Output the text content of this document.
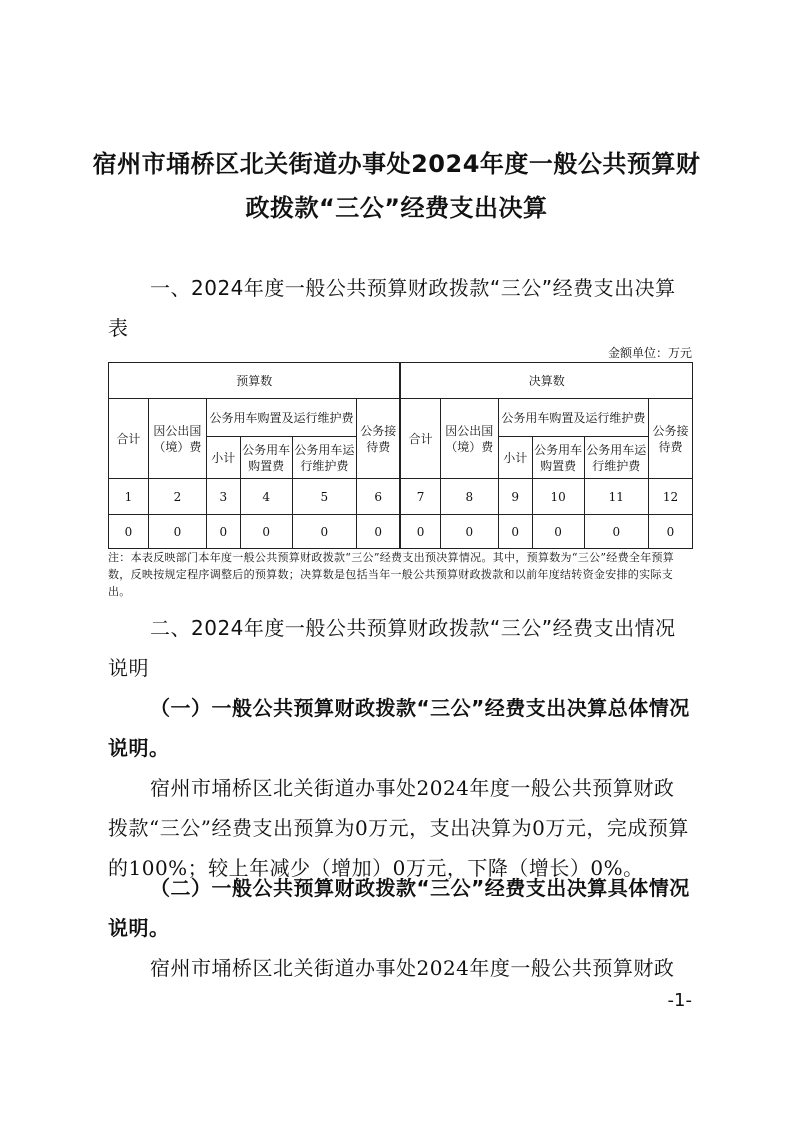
宿州市埇桥区北关街道办事处2024年度一般公共预算财政拨款“三公”经费支出决算
一、2024年度一般公共预算财政拨款“三公”经费支出决算表
金额单位：万元
预算数						决算数					
合计	因公出国（境）费	公务用车购置及运行维护费			公务接待费	合计	因公出国（境）费	公务用车购置及运行维护费			公务接待费
		小计	公务用车购置费	公务用车运行维护费				小计	公务用车购置费	公务用车运行维护费	
1	2	3	4	5	6	7	8	9	10	11	12
0	0	0	0	0	0	0	0	0	0	0	0
注：本表反映部门本年度一般公共预算财政拨款“三公”经费支出预决算情况。其中，预算数为“三公”经费全年预算数，反映按规定程序调整后的预算数；决算数是包括当年一般公共预算财政拨款和以前年度结转资金安排的实际支出。
二、2024年度一般公共预算财政拨款“三公”经费支出情况说明
（一）一般公共预算财政拨款“三公”经费支出决算总体情况说明。
宿州市埇桥区北关街道办事处2024年度一般公共预算财政拨款“三公”经费支出预算为0万元，支出决算为0万元，完成预算的100%；较上年减少（增加）0万元，下降（增长）0%。
（二）一般公共预算财政拨款“三公”经费支出决算具体情况说明。
宿州市埇桥区北关街道办事处2024年度一般公共预算财政
-1-
